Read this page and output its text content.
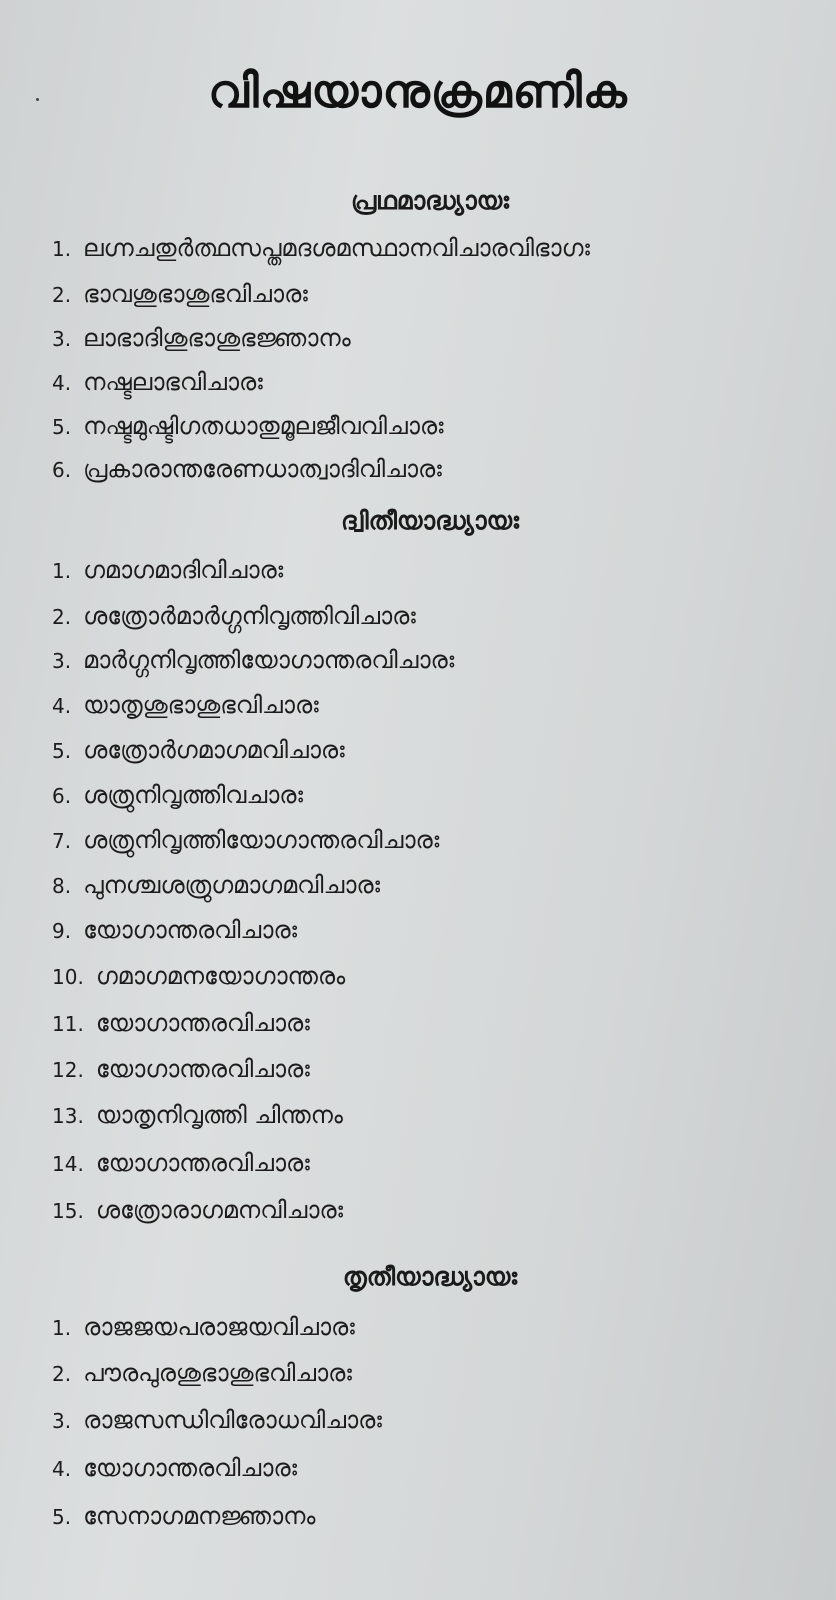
വിഷയാനുക്രമണിക
പ്രഥമാദ്ധ്യായഃ
1. ലഗ്നചതുർത്ഥസപ്തമദശമസ്ഥാനവിചാരവിഭാഗഃ
2. ഭാവശുഭാശുഭവിചാരഃ
3. ലാഭാദിശുഭാശുഭജ്ഞാനം
4. നഷ്ടലാഭവിചാരഃ
5. നഷ്ടമുഷ്ടിഗതധാതുമൂലജീവവിചാരഃ
6. പ്രകാരാന്തരേണധാത്വാദിവിചാരഃ
ദ്വിതീയാദ്ധ്യായഃ
1. ഗമാഗമാദിവിചാരഃ
2. ശത്രോർമാർഗ്ഗനിവൃത്തിവിചാരഃ
3. മാർഗ്ഗനിവൃത്തിയോഗാന്തരവിചാരഃ
4. യാതൃശുഭാശുഭവിചാരഃ
5. ശത്രോർഗമാഗമവിചാരഃ
6. ശത്രുനിവൃത്തിവചാരഃ
7. ശത്രുനിവൃത്തിയോഗാന്തരവിചാരഃ
8. പുനശ്ചശത്രുഗമാഗമവിചാരഃ
9. യോഗാന്തരവിചാരഃ
10. ഗമാഗമനയോഗാന്തരം
11. യോഗാന്തരവിചാരഃ
12. യോഗാന്തരവിചാരഃ
13. യാതൃനിവൃത്തി ചിന്തനം
14. യോഗാന്തരവിചാരഃ
15. ശത്രോരാഗമനവിചാരഃ
തൃതീയാദ്ധ്യായഃ
1. രാജജയപരാജയവിചാരഃ
2. പൗരപുരശുഭാശുഭവിചാരഃ
3. രാജസന്ധിവിരോധവിചാരഃ
4. യോഗാന്തരവിചാരഃ
5. സേനാഗമനജ്ഞാനം
